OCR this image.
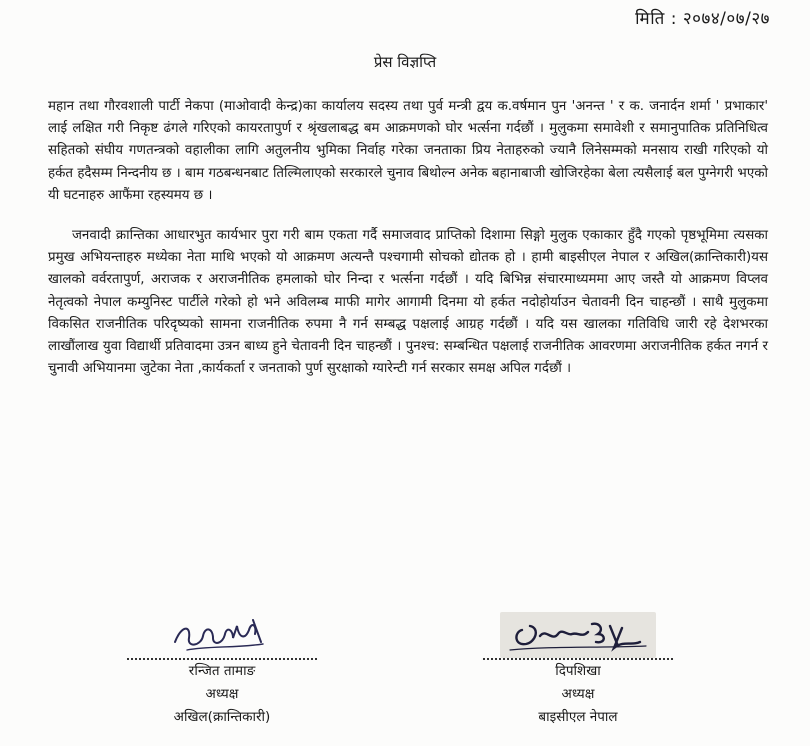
मिति : २०७४/०७/२७
प्रेस विज्ञप्ति

महान तथा गौरवशाली पार्टी नेकपा (माओवादी केन्द्र)का कार्यालय सदस्य तथा पुर्व मन्त्री द्वय क.वर्षमान पुन 'अनन्त ' र क. जनार्दन शर्मा ' प्रभाकार' लाई लक्षित गरी निकृष्ट ढंगले गरिएको कायरतापुर्ण र श्रृंखलाबद्ध बम आक्रमणको घोर भर्त्सना गर्दछौं । मुलुकमा समावेशी र समानुपातिक प्रतिनिधित्व सहितको संघीय गणतन्त्रको वहालीका लागि अतुलनीय भुमिका निर्वाह गरेका जनताका प्रिय नेताहरुको ज्यानै लिनेसम्मको मनसाय राखी गरिएको यो हर्कत हदैसम्म निन्दनीय छ । बाम गठबन्धनबाट तिल्मिलाएको सरकारले चुनाव बिथोल्न अनेक बहानाबाजी खोजिरहेका बेला त्यसैलाई बल पुग्नेगरी भएको यी घटनाहरु आफैंमा रहस्यमय छ ।

जनवादी क्रान्तिका आधारभुत कार्यभार पुरा गरी बाम एकता गर्दै समाजवाद प्राप्तिको दिशामा सिङ्गो मुलुक एकाकार हुँदै गएको पृष्ठभूमिमा त्यसका प्रमुख अभियन्ताहरु मध्येका नेता माथि भएको यो आक्रमण अत्यन्तै पश्चगामी सोचको द्योतक हो । हामी बाइसीएल नेपाल र अखिल(क्रान्तिकारी)यस खालको वर्वरतापुर्ण, अराजक र अराजनीतिक हमलाको घोर निन्दा र भर्त्सना गर्दछौं । यदि बिभिन्न संचारमाध्यममा आए जस्तै यो आक्रमण विप्लव नेतृत्वको नेपाल कम्युनिस्ट पार्टीले गरेको हो भने अविलम्ब माफी मागेर आगामी दिनमा यो हर्कत नदोहोर्याउन चेतावनी दिन चाहन्छौं । साथै मुलुकमा विकसित राजनीतिक परिदृष्यको सामना राजनीतिक रुपमा नै गर्न सम्बद्ध पक्षलाई आग्रह गर्दछौं । यदि यस खालका गतिविधि जारी रहे देशभरका लाखौंलाख युवा विद्यार्थी प्रतिवादमा उत्रन बाध्य हुने चेतावनी दिन चाहन्छौं । पुनश्च: सम्बन्धित पक्षलाई राजनीतिक आवरणमा अराजनीतिक हर्कत नगर्न र चुनावी अभियानमा जुटेका नेता ,कार्यकर्ता र जनताको पुर्ण सुरक्षाको ग्यारेन्टी गर्न सरकार समक्ष अपिल गर्दछौं ।

रन्जित तामाङ
अध्यक्ष
अखिल(क्रान्तिकारी)
दिपशिखा
अध्यक्ष
बाइसीएल नेपाल
